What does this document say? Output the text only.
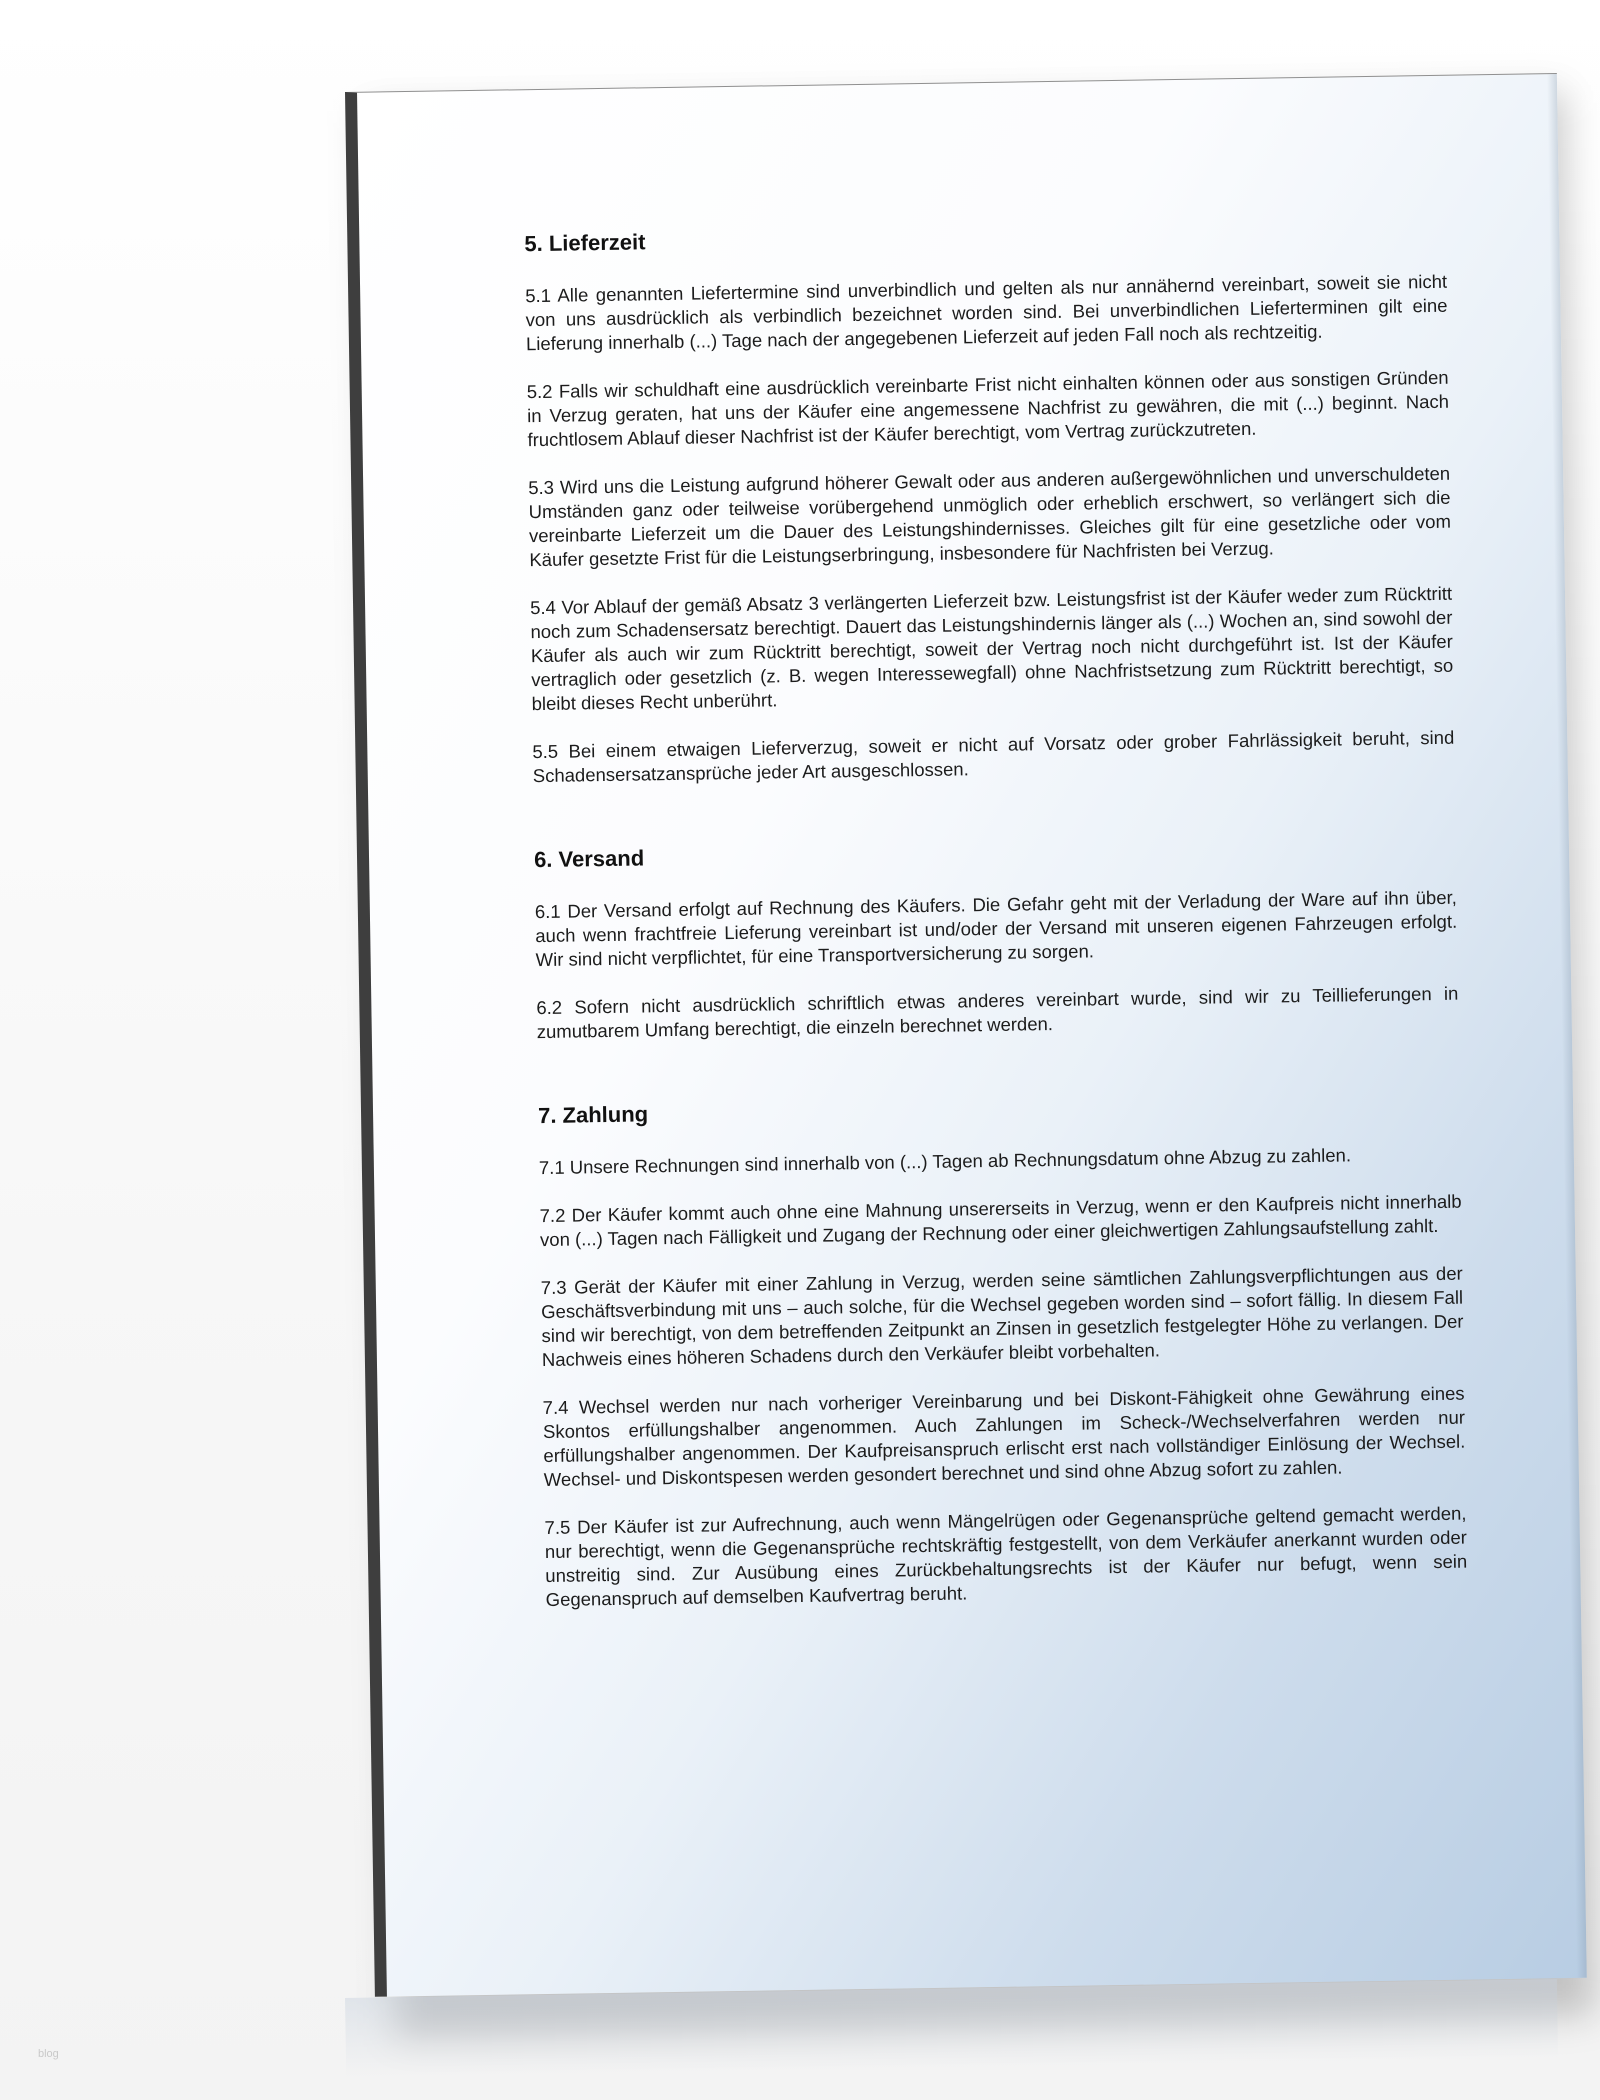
5. Lieferzeit

5.1 Alle genannten Liefertermine sind unverbindlich und gelten als nur annähernd vereinbart, soweit sie nicht von uns ausdrücklich als verbindlich bezeichnet worden sind. Bei unverbindlichen Lieferterminen gilt eine Lieferung innerhalb (...) Tage nach der angegebenen Lieferzeit auf jeden Fall noch als rechtzeitig.

5.2 Falls wir schuldhaft eine ausdrücklich vereinbarte Frist nicht einhalten können oder aus sonstigen Gründen in Verzug geraten, hat uns der Käufer eine angemessene Nachfrist zu gewähren, die mit (...) beginnt. Nach fruchtlosem Ablauf dieser Nachfrist ist der Käufer berechtigt, vom Vertrag zurückzutreten.

5.3 Wird uns die Leistung aufgrund höherer Gewalt oder aus anderen außergewöhnlichen und unverschuldeten Umständen ganz oder teilweise vorübergehend unmöglich oder erheblich erschwert, so verlängert sich die vereinbarte Lieferzeit um die Dauer des Leistungshindernisses. Gleiches gilt für eine gesetzliche oder vom Käufer gesetzte Frist für die Leistungserbringung, insbesondere für Nachfristen bei Verzug.

5.4 Vor Ablauf der gemäß Absatz 3 verlängerten Lieferzeit bzw. Leistungsfrist ist der Käufer weder zum Rücktritt noch zum Schadensersatz berechtigt. Dauert das Leistungshindernis länger als (...) Wochen an, sind sowohl der Käufer als auch wir zum Rücktritt berechtigt, soweit der Vertrag noch nicht durchgeführt ist. Ist der Käufer vertraglich oder gesetzlich (z. B. wegen Interessewegfall) ohne Nachfristsetzung zum Rücktritt berechtigt, so bleibt dieses Recht unberührt.

5.5 Bei einem etwaigen Lieferverzug, soweit er nicht auf Vorsatz oder grober Fahrlässigkeit beruht, sind Schadensersatzansprüche jeder Art ausgeschlossen.

6. Versand

6.1 Der Versand erfolgt auf Rechnung des Käufers. Die Gefahr geht mit der Verladung der Ware auf ihn über, auch wenn frachtfreie Lieferung vereinbart ist und/oder der Versand mit unseren eigenen Fahrzeugen erfolgt. Wir sind nicht verpflichtet, für eine Transportversicherung zu sorgen.

6.2 Sofern nicht ausdrücklich schriftlich etwas anderes vereinbart wurde, sind wir zu Teillieferungen in zumutbarem Umfang berechtigt, die einzeln berechnet werden.

7. Zahlung

7.1 Unsere Rechnungen sind innerhalb von (...) Tagen ab Rechnungsdatum ohne Abzug zu zahlen.

7.2 Der Käufer kommt auch ohne eine Mahnung unsererseits in Verzug, wenn er den Kaufpreis nicht innerhalb von (...) Tagen nach Fälligkeit und Zugang der Rechnung oder einer gleichwertigen Zahlungsaufstellung zahlt.

7.3 Gerät der Käufer mit einer Zahlung in Verzug, werden seine sämtlichen Zahlungsverpflichtungen aus der Geschäftsverbindung mit uns – auch solche, für die Wechsel gegeben worden sind – sofort fällig. In diesem Fall sind wir berechtigt, von dem betreffenden Zeitpunkt an Zinsen in gesetzlich festgelegter Höhe zu verlangen. Der Nachweis eines höheren Schadens durch den Verkäufer bleibt vorbehalten.

7.4 Wechsel werden nur nach vorheriger Vereinbarung und bei Diskont-Fähigkeit ohne Gewährung eines Skontos erfüllungshalber angenommen. Auch Zahlungen im Scheck-/Wechselverfahren werden nur erfüllungshalber angenommen. Der Kaufpreisanspruch erlischt erst nach vollständiger Einlösung der Wechsel. Wechsel- und Diskontspesen werden gesondert berechnet und sind ohne Abzug sofort zu zahlen.

7.5 Der Käufer ist zur Aufrechnung, auch wenn Mängelrügen oder Gegenansprüche geltend gemacht werden, nur berechtigt, wenn die Gegenansprüche rechtskräftig festgestellt, von dem Verkäufer anerkannt wurden oder unstreitig sind. Zur Ausübung eines Zurückbehaltungsrechts ist der Käufer nur befugt, wenn sein Gegenanspruch auf demselben Kaufvertrag beruht.

blog
